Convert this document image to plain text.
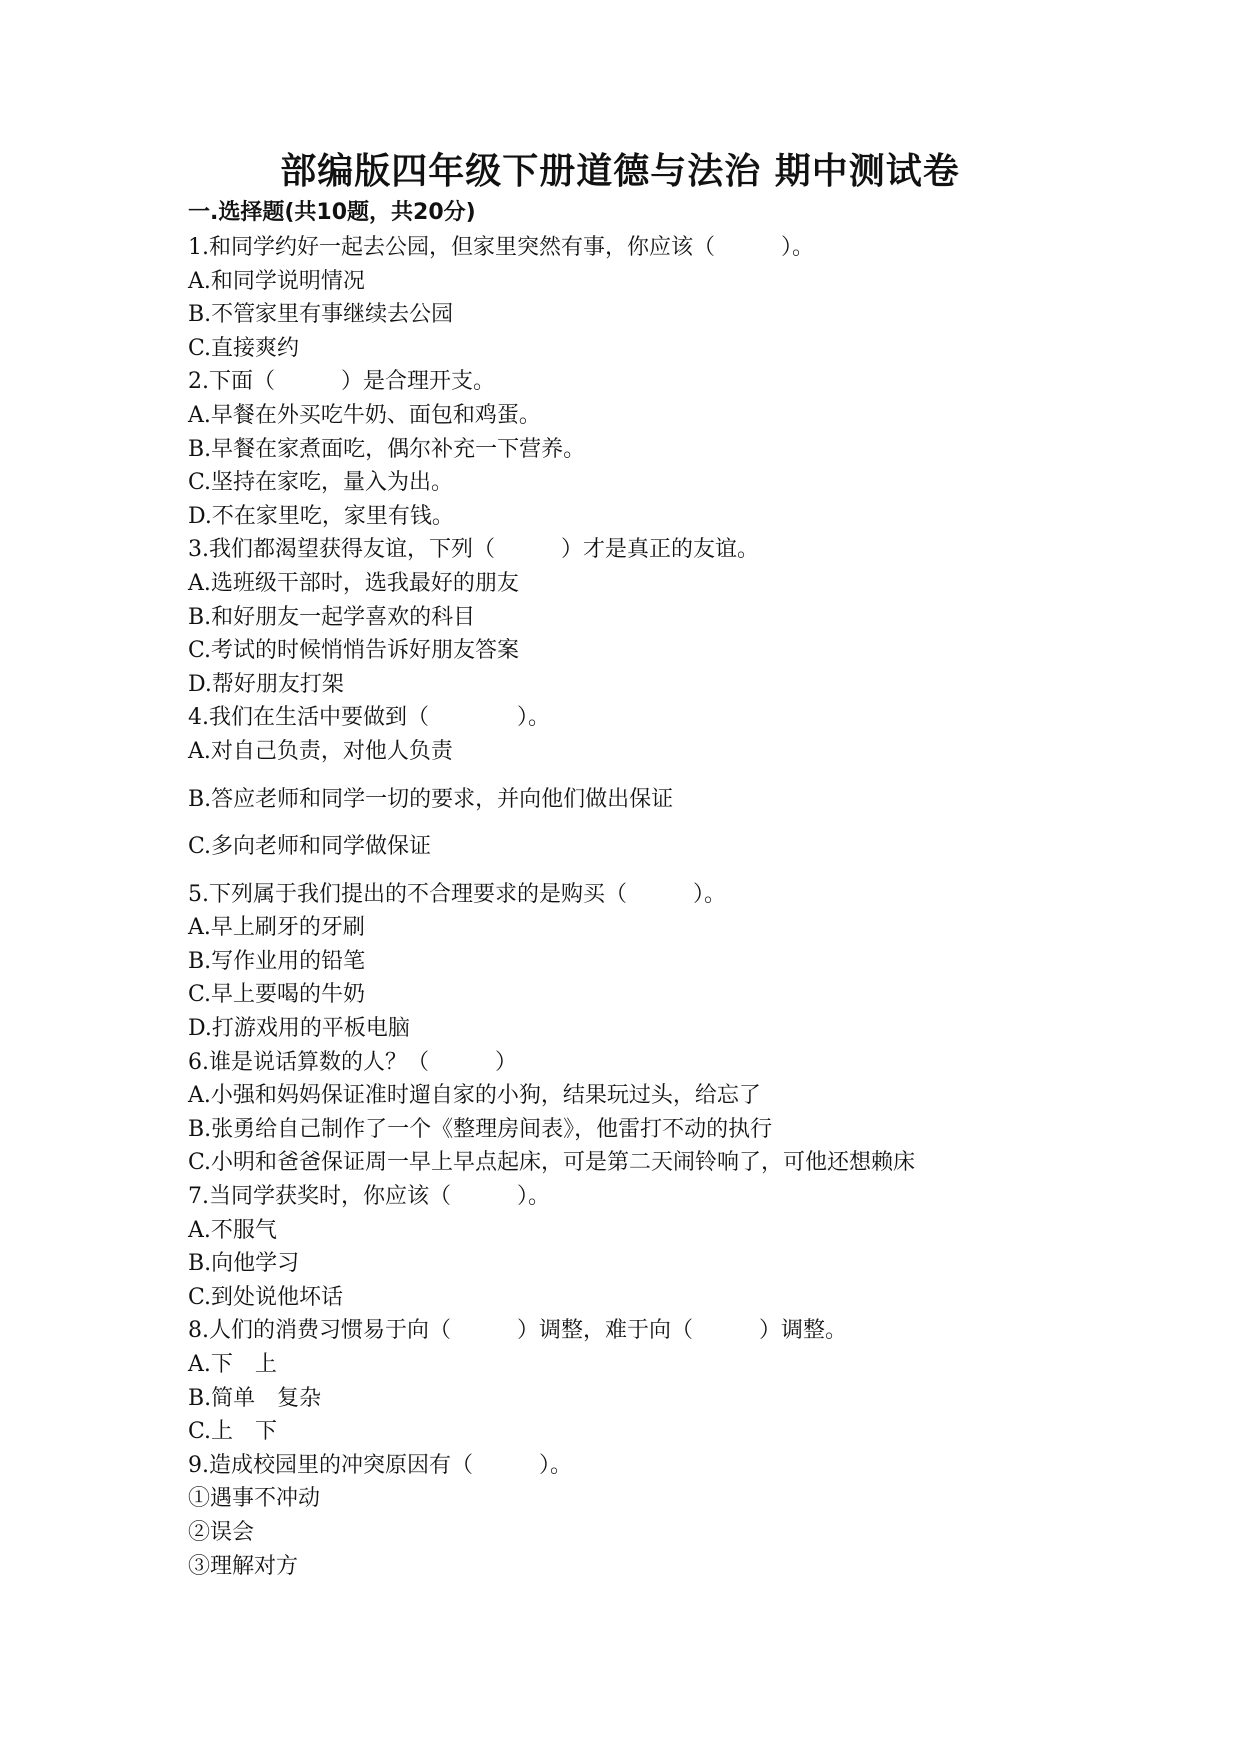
部编版四年级下册道德与法治 期中测试卷
一.选择题(共10题，共20分)
1.和同学约好一起去公园，但家里突然有事，你应该（　　　）。
A.和同学说明情况
B.不管家里有事继续去公园
C.直接爽约
2.下面（　　　）是合理开支。
A.早餐在外买吃牛奶、面包和鸡蛋。
B.早餐在家煮面吃，偶尔补充一下营养。
C.坚持在家吃，量入为出。
D.不在家里吃，家里有钱。
3.我们都渴望获得友谊，下列（　　　）才是真正的友谊。
A.选班级干部时，选我最好的朋友
B.和好朋友一起学喜欢的科目
C.考试的时候悄悄告诉好朋友答案
D.帮好朋友打架
4.我们在生活中要做到（　　　　）。
A.对自己负责，对他人负责
B.答应老师和同学一切的要求，并向他们做出保证
C.多向老师和同学做保证
5.下列属于我们提出的不合理要求的是购买（　　　）。
A.早上刷牙的牙刷
B.写作业用的铅笔
C.早上要喝的牛奶
D.打游戏用的平板电脑
6.谁是说话算数的人？（　　　）
A.小强和妈妈保证准时遛自家的小狗，结果玩过头，给忘了
B.张勇给自己制作了一个《整理房间表》，他雷打不动的执行
C.小明和爸爸保证周一早上早点起床，可是第二天闹铃响了，可他还想赖床
7.当同学获奖时，你应该（　　　）。
A.不服气
B.向他学习
C.到处说他坏话
8.人们的消费习惯易于向（　　　）调整，难于向（　　　）调整。
A.下　上
B.简单　复杂
C.上　下
9.造成校园里的冲突原因有（　　　）。
①遇事不冲动
②误会
③理解对方
